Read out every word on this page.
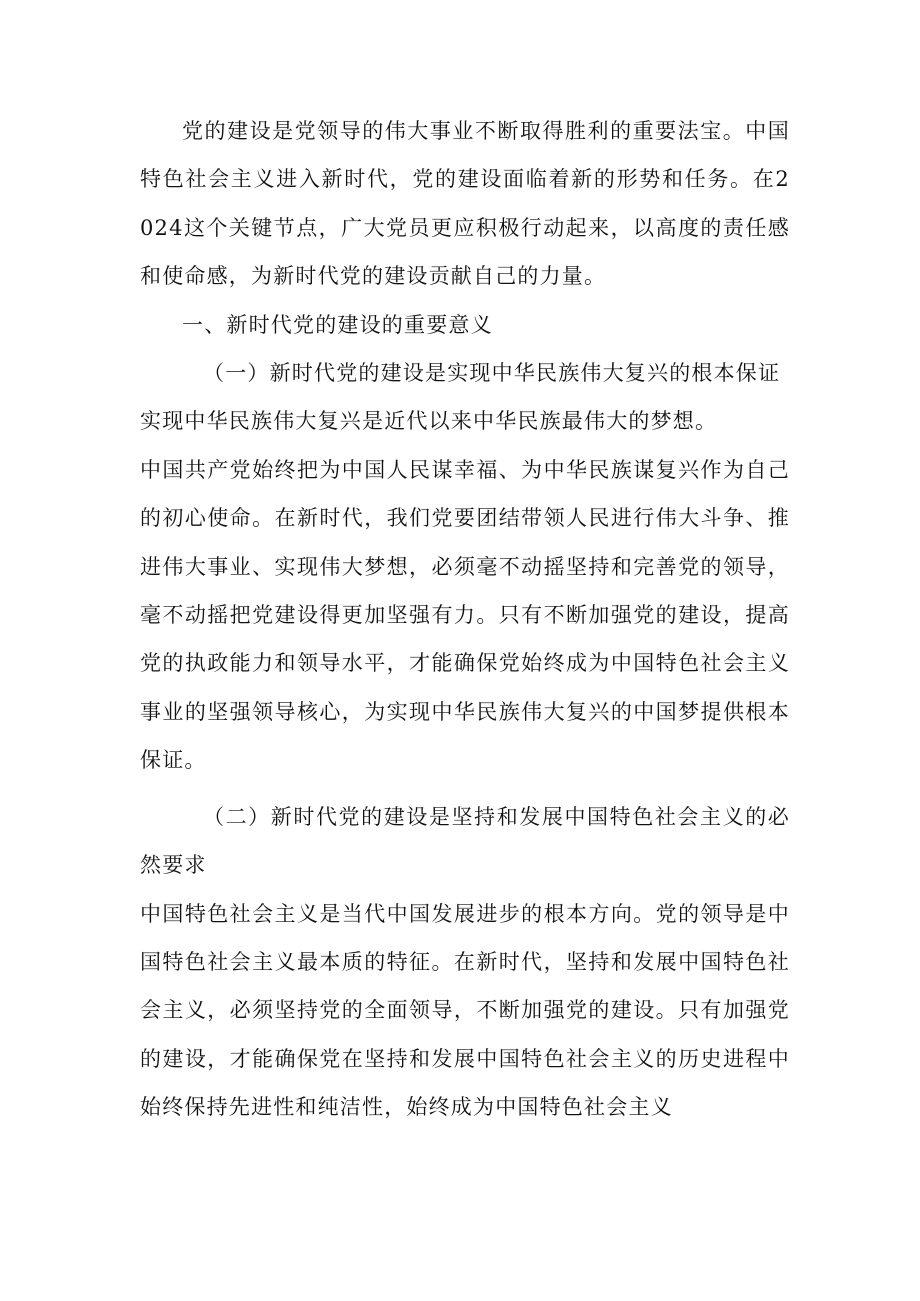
党的建设是党领导的伟大事业不断取得胜利的重要法宝。中国特色社会主义进入新时代，党的建设面临着新的形势和任务。在2024这个关键节点，广大党员更应积极行动起来，以高度的责任感和使命感，为新时代党的建设贡献自己的力量。

一、新时代党的建设的重要意义

（一）新时代党的建设是实现中华民族伟大复兴的根本保证

实现中华民族伟大复兴是近代以来中华民族最伟大的梦想。

中国共产党始终把为中国人民谋幸福、为中华民族谋复兴作为自己的初心使命。在新时代，我们党要团结带领人民进行伟大斗争、推进伟大事业、实现伟大梦想，必须毫不动摇坚持和完善党的领导，毫不动摇把党建设得更加坚强有力。只有不断加强党的建设，提高党的执政能力和领导水平，才能确保党始终成为中国特色社会主义事业的坚强领导核心，为实现中华民族伟大复兴的中国梦提供根本保证。

（二）新时代党的建设是坚持和发展中国特色社会主义的必然要求

中国特色社会主义是当代中国发展进步的根本方向。党的领导是中国特色社会主义最本质的特征。在新时代，坚持和发展中国特色社会主义，必须坚持党的全面领导，不断加强党的建设。只有加强党的建设，才能确保党在坚持和发展中国特色社会主义的历史进程中始终保持先进性和纯洁性，始终成为中国特色社会主义
